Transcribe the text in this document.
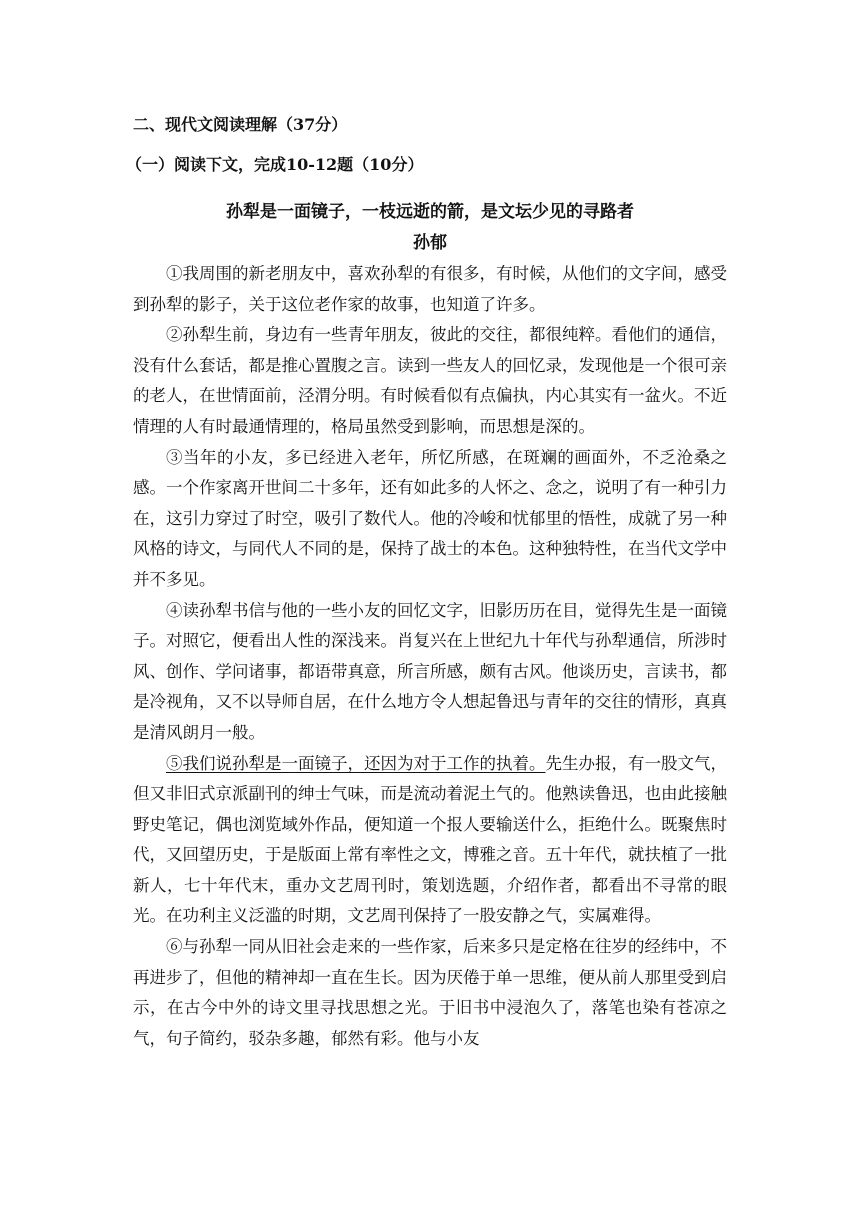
二、现代文阅读理解（37分）
（一）阅读下文，完成10-12题（10分）
孙犁是一面镜子，一枝远逝的箭，是文坛少见的寻路者
孙郁

①我周围的新老朋友中，喜欢孙犁的有很多，有时候，从他们的文字间，感受到孙犁的影子，关于这位老作家的故事，也知道了许多。

②孙犁生前，身边有一些青年朋友，彼此的交往，都很纯粹。看他们的通信，没有什么套话，都是推心置腹之言。读到一些友人的回忆录，发现他是一个很可亲的老人，在世情面前，泾渭分明。有时候看似有点偏执，内心其实有一盆火。不近情理的人有时最通情理的，格局虽然受到影响，而思想是深的。

③当年的小友，多已经进入老年，所忆所感，在斑斓的画面外，不乏沧桑之感。一个作家离开世间二十多年，还有如此多的人怀之、念之，说明了有一种引力在，这引力穿过了时空，吸引了数代人。他的冷峻和忧郁里的悟性，成就了另一种风格的诗文，与同代人不同的是，保持了战士的本色。这种独特性，在当代文学中并不多见。

④读孙犁书信与他的一些小友的回忆文字，旧影历历在目，觉得先生是一面镜子。对照它，便看出人性的深浅来。肖复兴在上世纪九十年代与孙犁通信，所涉时风、创作、学问诸事，都语带真意，所言所感，颇有古风。他谈历史，言读书，都是冷视角，又不以导师自居，在什么地方令人想起鲁迅与青年的交往的情形，真真是清风朗月一般。

⑤我们说孙犁是一面镜子，还因为对于工作的执着。先生办报，有一股文气，但又非旧式京派副刊的绅士气味，而是流动着泥土气的。他熟读鲁迅，也由此接触野史笔记，偶也浏览域外作品，便知道一个报人要输送什么，拒绝什么。既聚焦时代，又回望历史，于是版面上常有率性之文，博雅之音。五十年代，就扶植了一批新人，七十年代末，重办文艺周刊时，策划选题，介绍作者，都看出不寻常的眼光。在功利主义泛滥的时期，文艺周刊保持了一股安静之气，实属难得。

⑥与孙犁一同从旧社会走来的一些作家，后来多只是定格在往岁的经纬中，不再进步了，但他的精神却一直在生长。因为厌倦于单一思维，便从前人那里受到启示，在古今中外的诗文里寻找思想之光。于旧书中浸泡久了，落笔也染有苍凉之气，句子简约，驳杂多趣，郁然有彩。他与小友
